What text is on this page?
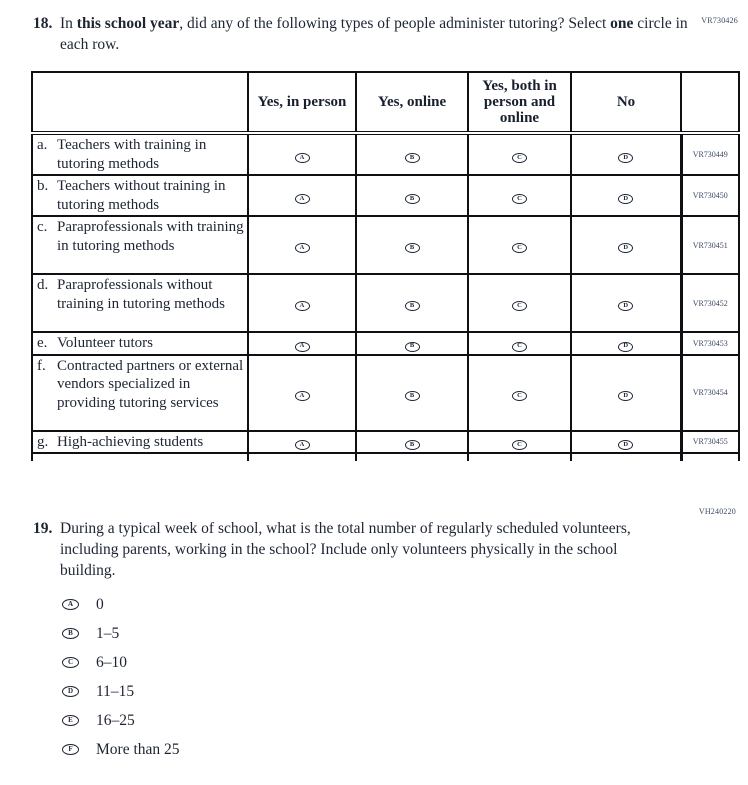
VR730426
18. In this school year, did any of the following types of people administer tutoring? Select one circle in each row.
	Yes, in person	Yes, online	Yes, both in person and online	No	

a. Teachers with training in tutoring methods	A	B	C	D	VR730449

b. Teachers without training in tutoring methods	A	B	C	D	VR730450

c. Paraprofessionals with training in tutoring methods	A	B	C	D	VR730451

d. Paraprofessionals without training in tutoring methods	A	B	C	D	VR730452

e. Volunteer tutors	A	B	C	D	VR730453

f. Contracted partners or external vendors specialized in providing tutoring services	A	B	C	D	VR730454

g. High-achieving students	A	B	C	D	VR730455

VH240220
19. During a typical week of school, what is the total number of regularly scheduled volunteers, including parents, working in the school? Include only volunteers physically in the school building.
A	0
B	1–5
C	6–10
D	11–15
E	16–25
F	More than 25
